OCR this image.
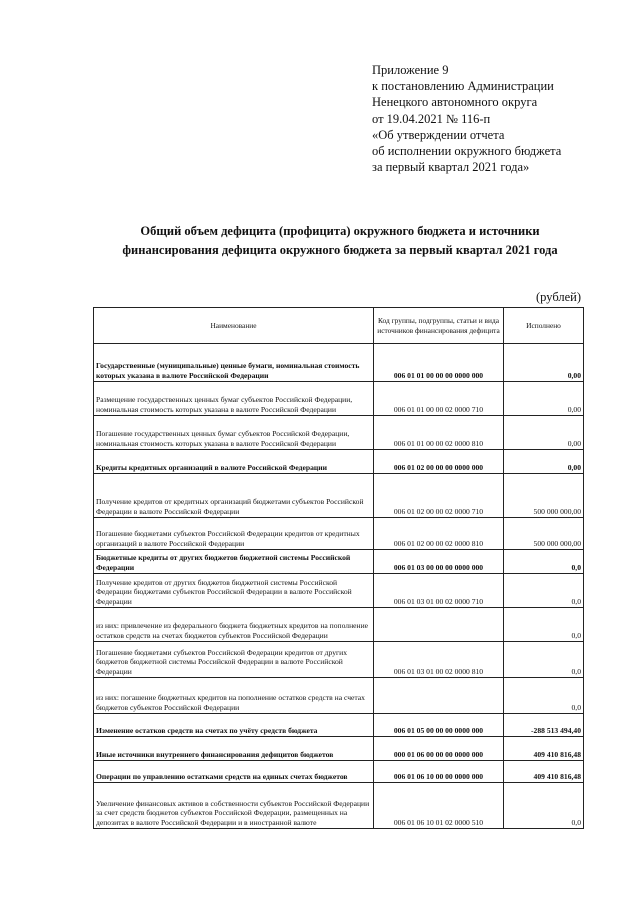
Приложение 9
к постановлению Администрации
Ненецкого автономного округа
от 19.04.2021 № 116-п
«Об утверждении отчета
об исполнении окружного бюджета
за первый квартал 2021 года»
Общий объем дефицита (профицита) окружного бюджета и источники
финансирования дефицита окружного бюджета за первый квартал 2021 года
(рублей)
Наименование	Код группы, подгруппы, статьи и вида источников финансирования дефицита	Исполнено
Государственные (муниципальные) ценные бумаги, номинальная стоимость которых указана в валюте Российской Федерации	006 01 01 00 00 00 0000 000	0,00
Размещение государственных ценных бумаг субъектов Российской Федерации, номинальная стоимость которых указана в валюте Российской Федерации	006 01 01 00 00 02 0000 710	0,00
Погашение государственных ценных бумаг субъектов Российской Федерации, номинальная стоимость которых указана в валюте Российской Федерации	006 01 01 00 00 02 0000 810	0,00
Кредиты кредитных организаций в валюте Российской Федерации	006 01 02 00 00 00 0000 000	0,00
Получение кредитов от кредитных организаций бюджетами субъектов Российской Федерации в валюте Российской Федерации	006 01 02 00 00 02 0000 710	500 000 000,00
Погашение бюджетами субъектов Российской Федерации кредитов от кредитных организаций в валюте Российской Федерации	006 01 02 00 00 02 0000 810	500 000 000,00
Бюджетные кредиты от других бюджетов бюджетной системы Российской Федерации	006 01 03 00 00 00 0000 000	0,0
Получение кредитов от других бюджетов бюджетной системы Российской Федерации бюджетами субъектов Российской Федерации в валюте Российской Федерации	006 01 03 01 00 02 0000 710	0,0
из них: привлечение из федерального бюджета бюджетных кредитов на пополнение остатков средств на счетах бюджетов субъектов Российской Федерации		0,0
Погашение бюджетами субъектов Российской Федерации кредитов от других бюджетов бюджетной системы Российской Федерации в валюте Российской Федерации	006 01 03 01 00 02 0000 810	0,0
из них: погашение бюджетных кредитов на пополнение остатков средств на счетах бюджетов субъектов Российской Федерации		0,0
Изменение остатков средств на счетах по учёту средств бюджета	006 01 05 00 00 00 0000 000	-288 513 494,40
Иные источники внутреннего финансирования дефицитов бюджетов	000 01 06 00 00 00 0000 000	409 410 816,48
Операции по управлению остатками средств на единых счетах бюджетов	006 01 06 10 00 00 0000 000	409 410 816,48
Увеличение финансовых активов в собственности субъектов Российской Федерации за счет средств бюджетов субъектов Российской Федерации, размещенных на депозитах в валюте Российской Федерации и в иностранной валюте	006 01 06 10 01 02 0000 510	0,0
